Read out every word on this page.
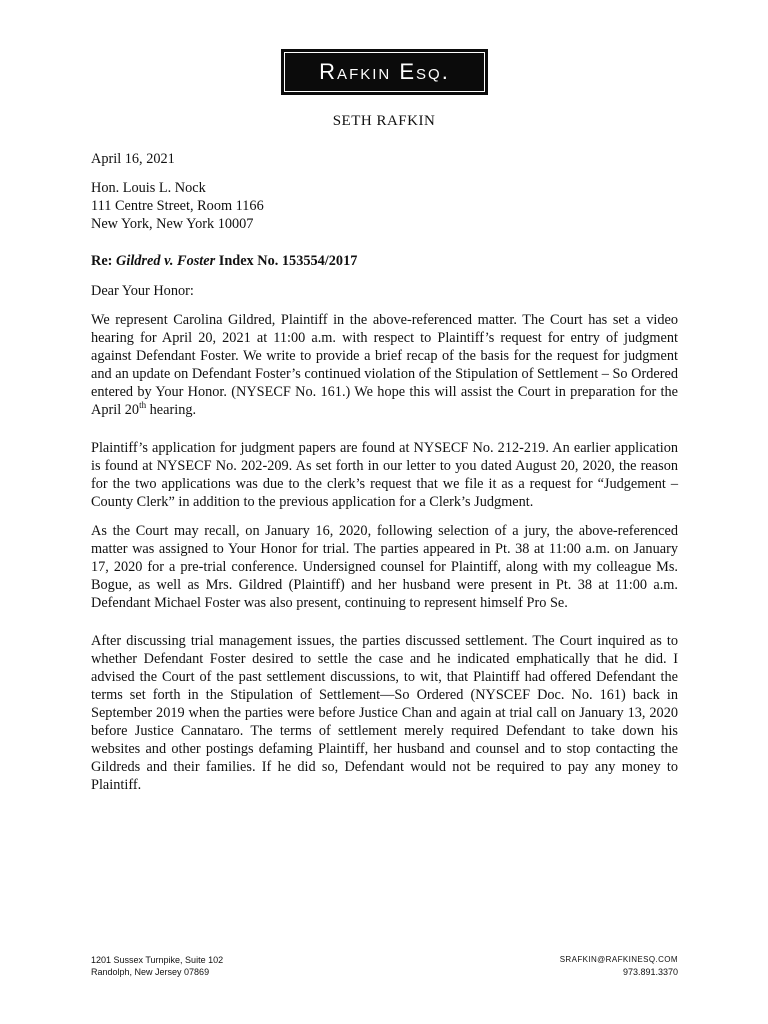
Rafkin Esq.
SETH RAFKIN
April 16, 2021
Hon. Louis L. Nock
111 Centre Street, Room 1166
New York, New York 10007
Re: Gildred v. Foster Index No. 153554/2017
Dear Your Honor:
We represent Carolina Gildred, Plaintiff in the above-referenced matter. The Court has set a video hearing for April 20, 2021 at 11:00 a.m. with respect to Plaintiff’s request for entry of judgment against Defendant Foster. We write to provide a brief recap of the basis for the request for judgment and an update on Defendant Foster’s continued violation of the Stipulation of Settlement – So Ordered entered by Your Honor. (NYSECF No. 161.) We hope this will assist the Court in preparation for the April 20th hearing.
Plaintiff’s application for judgment papers are found at NYSECF No. 212-219. An earlier application is found at NYSECF No. 202-209. As set forth in our letter to you dated August 20, 2020, the reason for the two applications was due to the clerk’s request that we file it as a request for “Judgement – County Clerk” in addition to the previous application for a Clerk’s Judgment.
As the Court may recall, on January 16, 2020, following selection of a jury, the above-referenced matter was assigned to Your Honor for trial. The parties appeared in Pt. 38 at 11:00 a.m. on January 17, 2020 for a pre-trial conference. Undersigned counsel for Plaintiff, along with my colleague Ms. Bogue, as well as Mrs. Gildred (Plaintiff) and her husband were present in Pt. 38 at 11:00 a.m. Defendant Michael Foster was also present, continuing to represent himself Pro Se.
After discussing trial management issues, the parties discussed settlement. The Court inquired as to whether Defendant Foster desired to settle the case and he indicated emphatically that he did. I advised the Court of the past settlement discussions, to wit, that Plaintiff had offered Defendant the terms set forth in the Stipulation of Settlement—So Ordered (NYSCEF Doc. No. 161) back in September 2019 when the parties were before Justice Chan and again at trial call on January 13, 2020 before Justice Cannataro. The terms of settlement merely required Defendant to take down his websites and other postings defaming Plaintiff, her husband and counsel and to stop contacting the Gildreds and their families. If he did so, Defendant would not be required to pay any money to Plaintiff.
1201 Sussex Turnpike, Suite 102
Randolph, New Jersey 07869
SRAFKIN@RAFKINESQ.COM
973.891.3370
